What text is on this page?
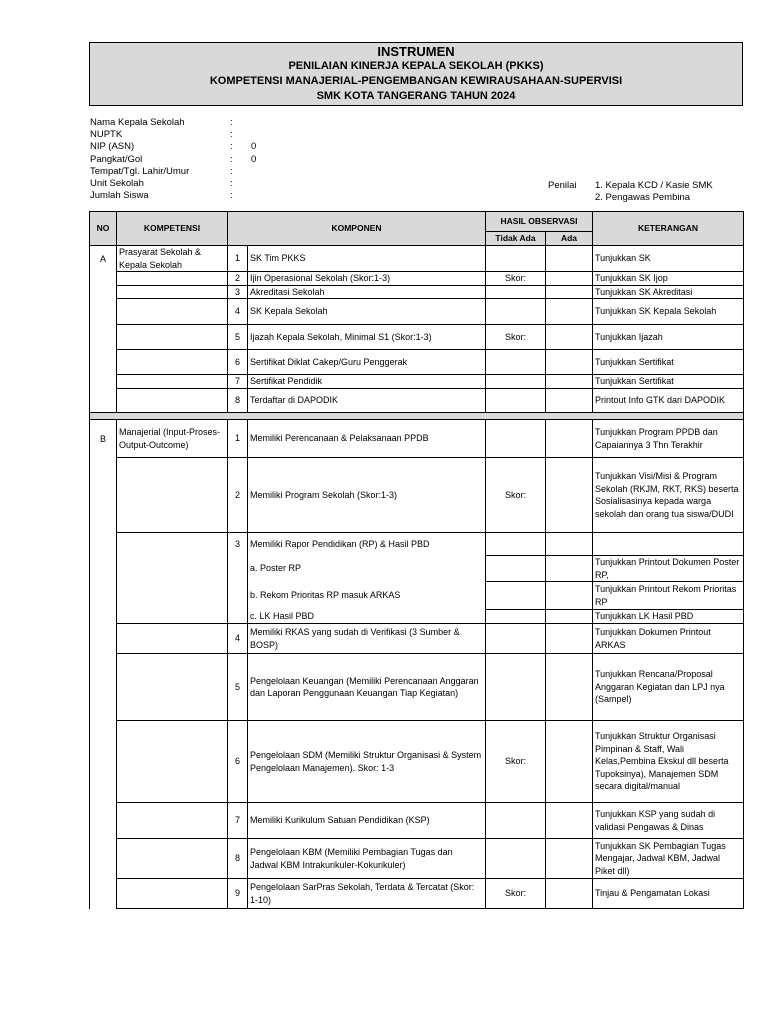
INSTRUMEN
PENILAIAN KINERJA KEPALA SEKOLAH (PKKS)
KOMPETENSI MANAJERIAL-PENGEMBANGAN KEWIRAUSAHAAN-SUPERVISI
SMK KOTA TANGERANG TAHUN 2024
Nama Kepala Sekolah	:
NUPTK	:
NIP (ASN)	: 0
Pangkat/Gol	: 0
Tempat/Tgl. Lahir/Umur	:
Unit Sekolah	:
Jumlah Siswa	:
Penilai 1. Kepala KCD / Kasie SMK
2. Pengawas Pembina
NO	KOMPETENSI	KOMPONEN		HASIL OBSERVASI		KETERANGAN
				Tidak Ada	Ada	
A	Prasyarat Sekolah & Kepala Sekolah	1	SK Tim PKKS			Tunjukkan SK
		2	Ijin Operasional Sekolah (Skor:1-3)	Skor:		Tunjukkan SK Ijop
		3	Akreditasi Sekolah			Tunjukkan SK Akreditasi
		4	SK Kepala Sekolah			Tunjukkan SK Kepala Sekolah
		5	Ijazah Kepala Sekolah, Minimal S1 (Skor:1-3)	Skor:		Tunjukkan Ijazah
		6	Sertifikat Diklat Cakep/Guru Penggerak			Tunjukkan Sertifikat
		7	Sertifikat Pendidik			Tunjukkan Sertifikat
		8	Terdaftar di DAPODIK			Printout Info GTK dari DAPODIK

B	Manajerial (Input-Proses-Output-Outcome)	1	Memiliki Perencanaan & Pelaksanaan PPDB			Tunjukkan Program PPDB dan Capaiannya 3 Thn Terakhir
		2	Memiliki Program Sekolah (Skor:1-3)	Skor:		Tunjukkan Visi/Misi & Program Sekolah (RKJM, RKT, RKS) beserta Sosialisasinya kepada warga sekolah dan orang tua siswa/DUDI
		3	Memiliki Rapor Pendidikan (RP) & Hasil PBD			
			a. Poster RP			Tunjukkan Printout Dokumen Poster RP,
			b. Rekom Prioritas RP masuk ARKAS			Tunjukkan Printout Rekom Prioritas RP
			c. LK Hasil PBD			Tunjukkan LK Hasil PBD
		4	Memiliki RKAS yang sudah di Verifikasi (3 Sumber & BOSP)			Tunjukkan Dokumen Printout ARKAS
		5	Pengelolaan Keuangan (Memiliki Perencanaan Anggaran dan Laporan Penggunaan Keuangan Tiap Kegiatan)			Tunjukkan Rencana/Proposal Anggaran Kegiatan dan LPJ nya (Sampel)
		6	Pengelolaan SDM (Memiliki Struktur Organisasi & System Pengelolaan Manajemen). Skor: 1-3	Skor:		Tunjukkan Struktur Organisasi Pimpinan & Staff, Wali Kelas,Pembina Ekskul dll beserta Tupoksinya), Manajemen SDM secara digital/manual
		7	Memiliki Kurikulum Satuan Pendidikan (KSP)			Tunjukkan KSP yang sudah di validasi Pengawas & Dinas
		8	Pengelolaan KBM (Memiliki Pembagian Tugas dan Jadwal KBM Intrakurikuler-Kokurikuler)			Tunjukkan SK Pembagian Tugas Mengajar, Jadwal KBM, Jadwal Piket dll)
		9	Pengelolaan SarPras Sekolah, Terdata & Tercatat (Skor: 1-10)	Skor:		Tinjau & Pengamatan Lokasi
